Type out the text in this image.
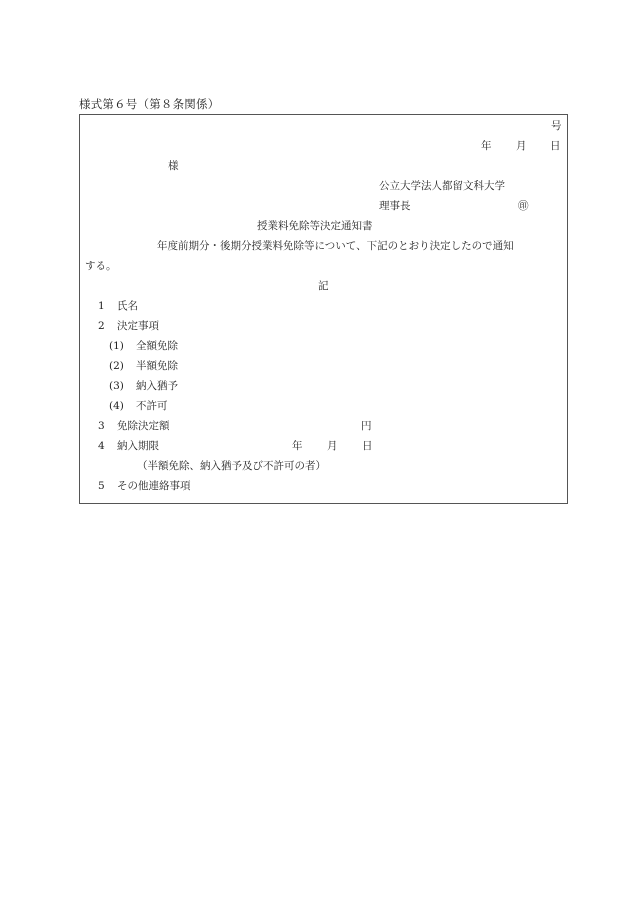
様式第６号（第８条関係）
号
年 月 日
様
公立大学法人都留文科大学
理事長	㊞
授業料免除等決定通知書
年度前期分・後期分授業料免除等について、下記のとおり決定したので通知
する。
記
1 氏名
2 決定事項
(1) 全額免除
(2) 半額免除
(3) 納入猶予
(4) 不許可
3 免除決定額	円
4 納入期限	年 月 日
（半額免除、納入猶予及び不許可の者）
5 その他連絡事項
